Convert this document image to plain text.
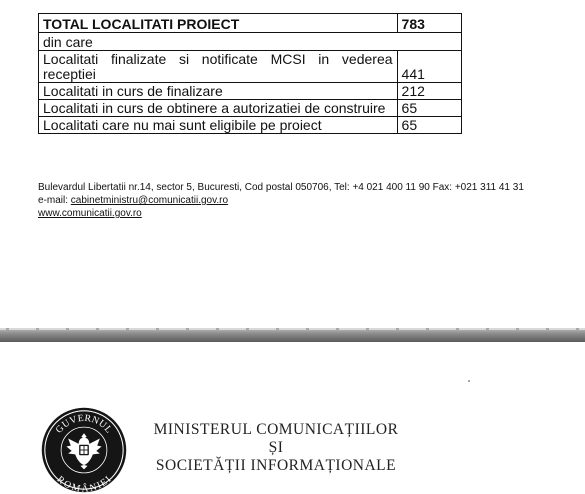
TOTAL LOCALITATI PROIECT	783
din care	
Localitati finalizate si notificate MCSI in vederea receptiei	441
Localitati in curs de finalizare	212
Localitati in curs de obtinere a autorizatiei de construire	65
Localitati care nu mai sunt eligibile pe proiect	65
Bulevardul Libertatii nr.14, sector 5, Bucuresti, Cod postal 050706, Tel: +4 021 400 11 90 Fax: +021 311 41 31
e-mail: cabinetministru@comunicatii.gov.ro
www.comunicatii.gov.ro
GUVERNUL
ROMÂNIEI
MINISTERUL COMUNICAȚIILOR
ȘI
SOCIETĂȚII INFORMAȚIONALE
